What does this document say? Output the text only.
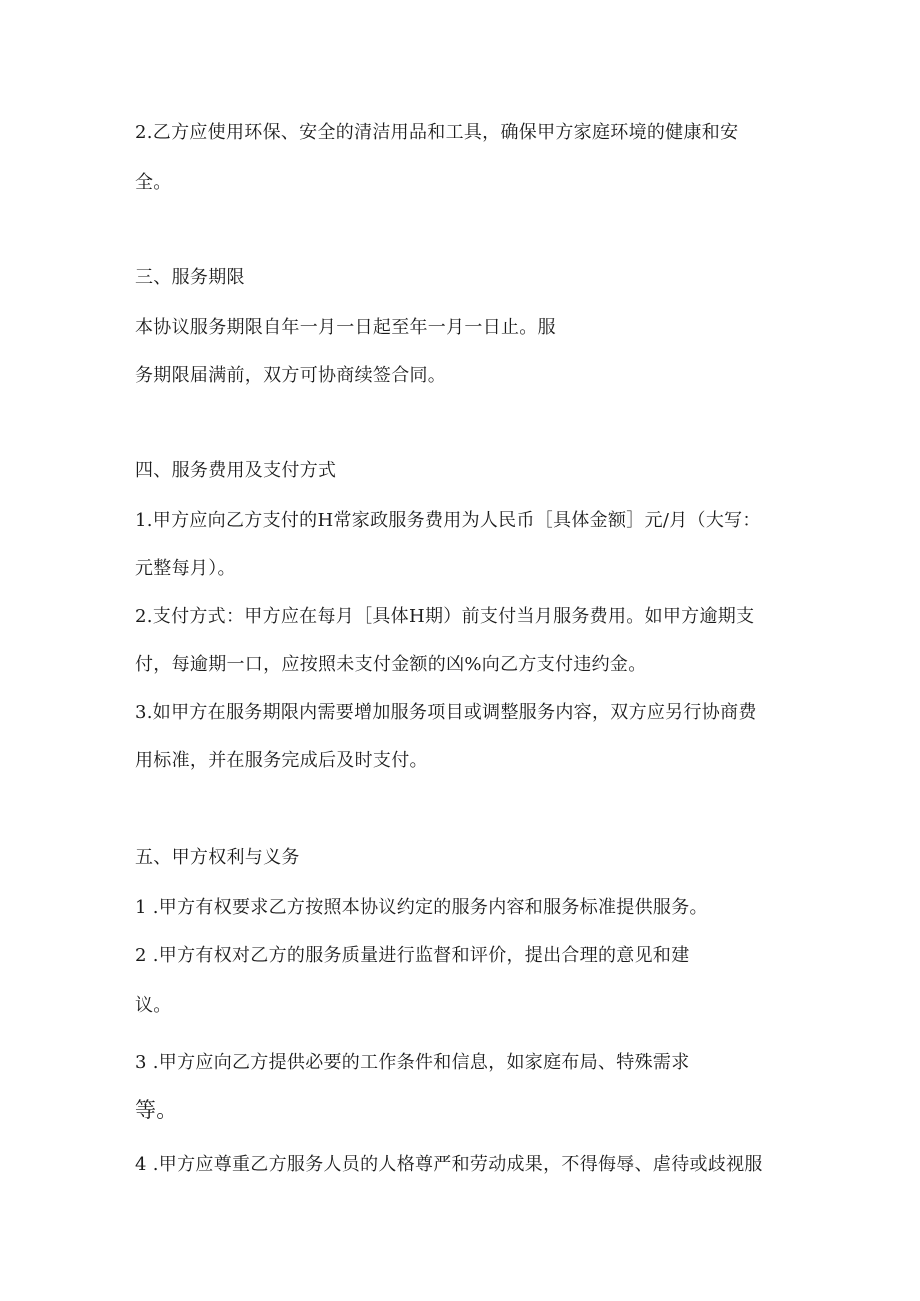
2.乙方应使用环保、安全的清洁用品和工具，确保甲方家庭环境的健康和安
全。
三、服务期限
本协议服务期限自年一月一日起至年一月一日止。服
务期限届满前，双方可协商续签合同。
四、服务费用及支付方式
1.甲方应向乙方支付的H常家政服务费用为人民币［具体金额］元/月（大写：
元整每月）。
2.支付方式：甲方应在每月［具体H期）前支付当月服务费用。如甲方逾期支
付，每逾期一口，应按照未支付金额的凶%向乙方支付违约金。
3.如甲方在服务期限内需要增加服务项目或调整服务内容，双方应另行协商费
用标准，并在服务完成后及时支付。
五、甲方权利与义务
1 .甲方有权要求乙方按照本协议约定的服务内容和服务标准提供服务。
2 .甲方有权对乙方的服务质量进行监督和评价，提出合理的意见和建
议。
3 .甲方应向乙方提供必要的工作条件和信息，如家庭布局、特殊需求
等。
4 .甲方应尊重乙方服务人员的人格尊严和劳动成果，不得侮辱、虐待或歧视服
